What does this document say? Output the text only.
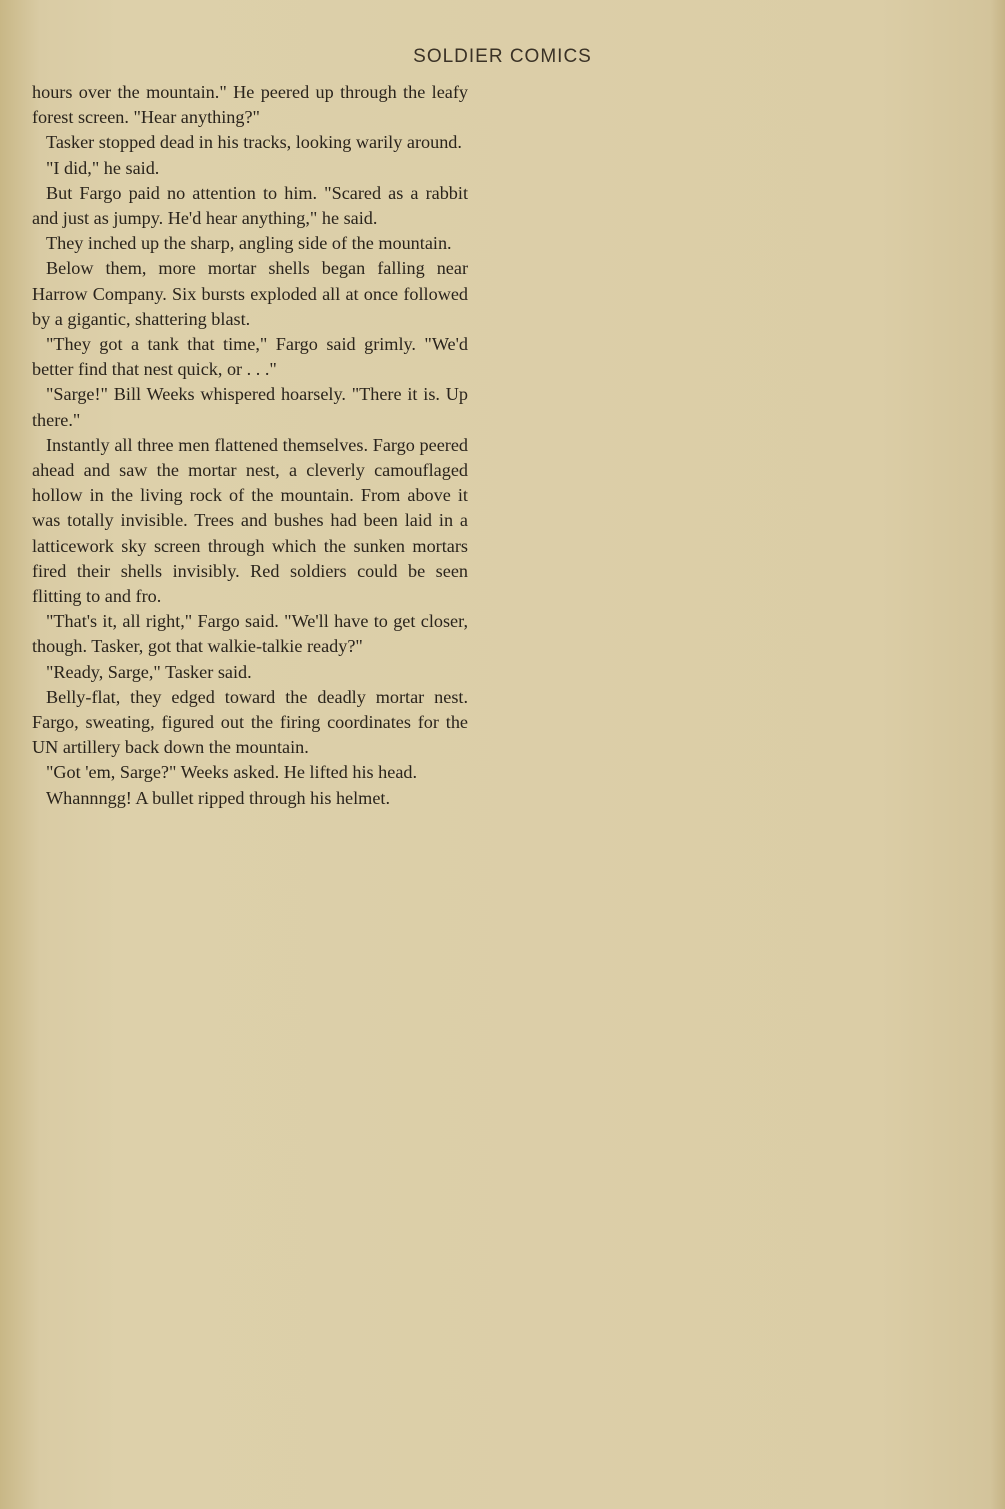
SOLDIER COMICS

hours over the mountain." He peered up through the leafy forest screen. "Hear anything?"

Tasker stopped dead in his tracks, looking warily around.

"I did," he said.

But Fargo paid no attention to him. "Scared as a rabbit and just as jumpy. He'd hear anything," he said.

They inched up the sharp, angling side of the mountain.

Below them, more mortar shells began falling near Harrow Company. Six bursts exploded all at once followed by a gigantic, shattering blast.

"They got a tank that time," Fargo said grimly. "We'd better find that nest quick, or . . ."

"Sarge!" Bill Weeks whispered hoarsely. "There it is. Up there."

Instantly all three men flattened themselves. Fargo peered ahead and saw the mortar nest, a cleverly camouflaged hollow in the living rock of the mountain. From above it was totally invisible. Trees and bushes had been laid in a latticework sky screen through which the sunken mortars fired their shells invisibly. Red soldiers could be seen flitting to and fro.

"That's it, all right," Fargo said. "We'll have to get closer, though. Tasker, got that walkie-talkie ready?"

"Ready, Sarge," Tasker said.

Belly-flat, they edged toward the deadly mortar nest. Fargo, sweating, figured out the firing coordinates for the UN artillery back down the mountain.

"Got 'em, Sarge?" Weeks asked. He lifted his head.

Whannngg! A bullet ripped through his helmet.
